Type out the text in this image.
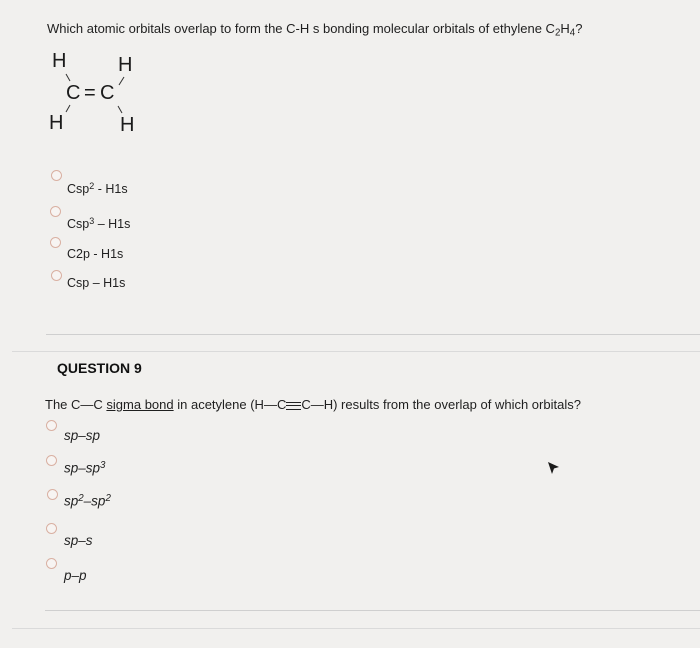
Which atomic orbitals overlap to form the C-H s bonding molecular orbitals of ethylene $C_2H_4$?
H	H
C = C
H	H
Csp$^2$ - H1s
Csp$^3$ – H1s
C2p - H1s
Csp – H1s
QUESTION 9
The C—C sigma bond in acetylene (H—C C—H) results from the overlap of which orbitals?
sp–sp
$sp-sp^3$
$sp^2-sp^2$
sp–s
p–p
